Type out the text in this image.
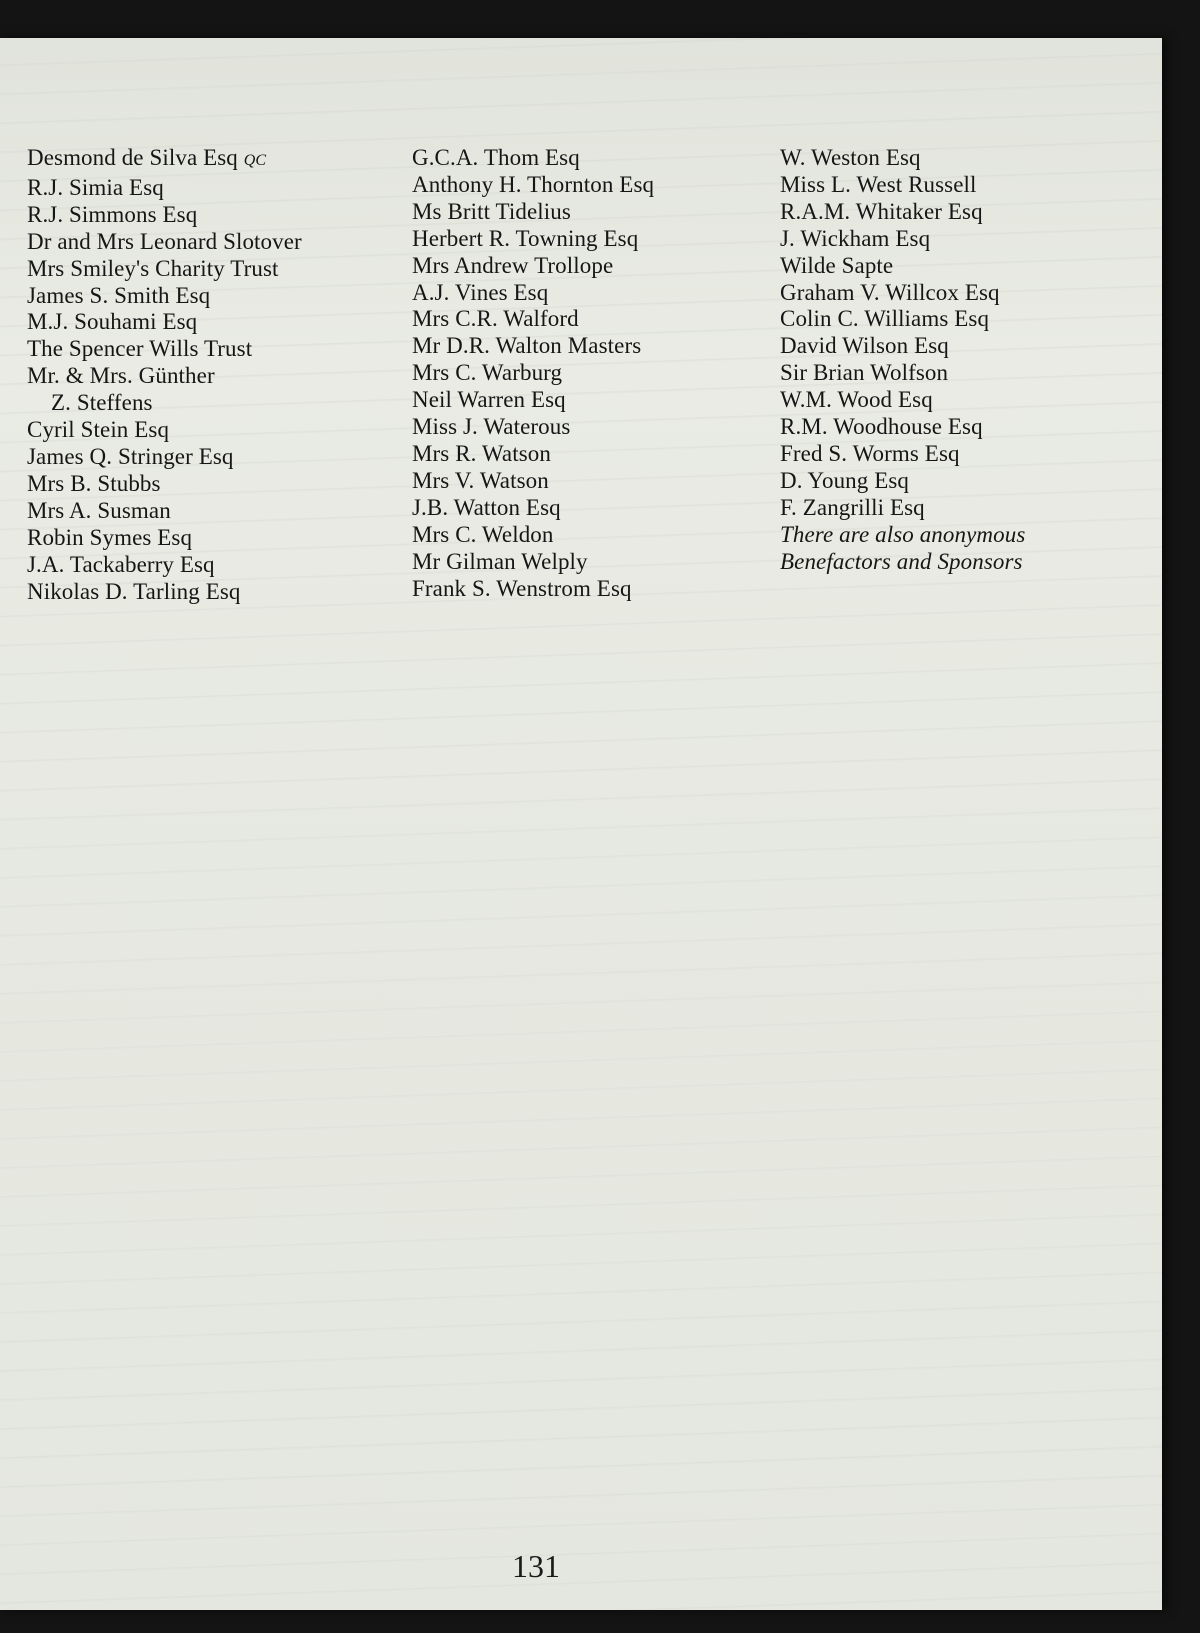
Desmond de Silva Esq QC
R.J. Simia Esq
R.J. Simmons Esq
Dr and Mrs Leonard Slotover
Mrs Smiley's Charity Trust
James S. Smith Esq
M.J. Souhami Esq
The Spencer Wills Trust
Mr. & Mrs. Günther
Z. Steffens
Cyril Stein Esq
James Q. Stringer Esq
Mrs B. Stubbs
Mrs A. Susman
Robin Symes Esq
J.A. Tackaberry Esq
Nikolas D. Tarling Esq
G.C.A. Thom Esq
Anthony H. Thornton Esq
Ms Britt Tidelius
Herbert R. Towning Esq
Mrs Andrew Trollope
A.J. Vines Esq
Mrs C.R. Walford
Mr D.R. Walton Masters
Mrs C. Warburg
Neil Warren Esq
Miss J. Waterous
Mrs R. Watson
Mrs V. Watson
J.B. Watton Esq
Mrs C. Weldon
Mr Gilman Welply
Frank S. Wenstrom Esq
W. Weston Esq
Miss L. West Russell
R.A.M. Whitaker Esq
J. Wickham Esq
Wilde Sapte
Graham V. Willcox Esq
Colin C. Williams Esq
David Wilson Esq
Sir Brian Wolfson
W.M. Wood Esq
R.M. Woodhouse Esq
Fred S. Worms Esq
D. Young Esq
F. Zangrilli Esq
There are also anonymous
Benefactors and Sponsors
131
